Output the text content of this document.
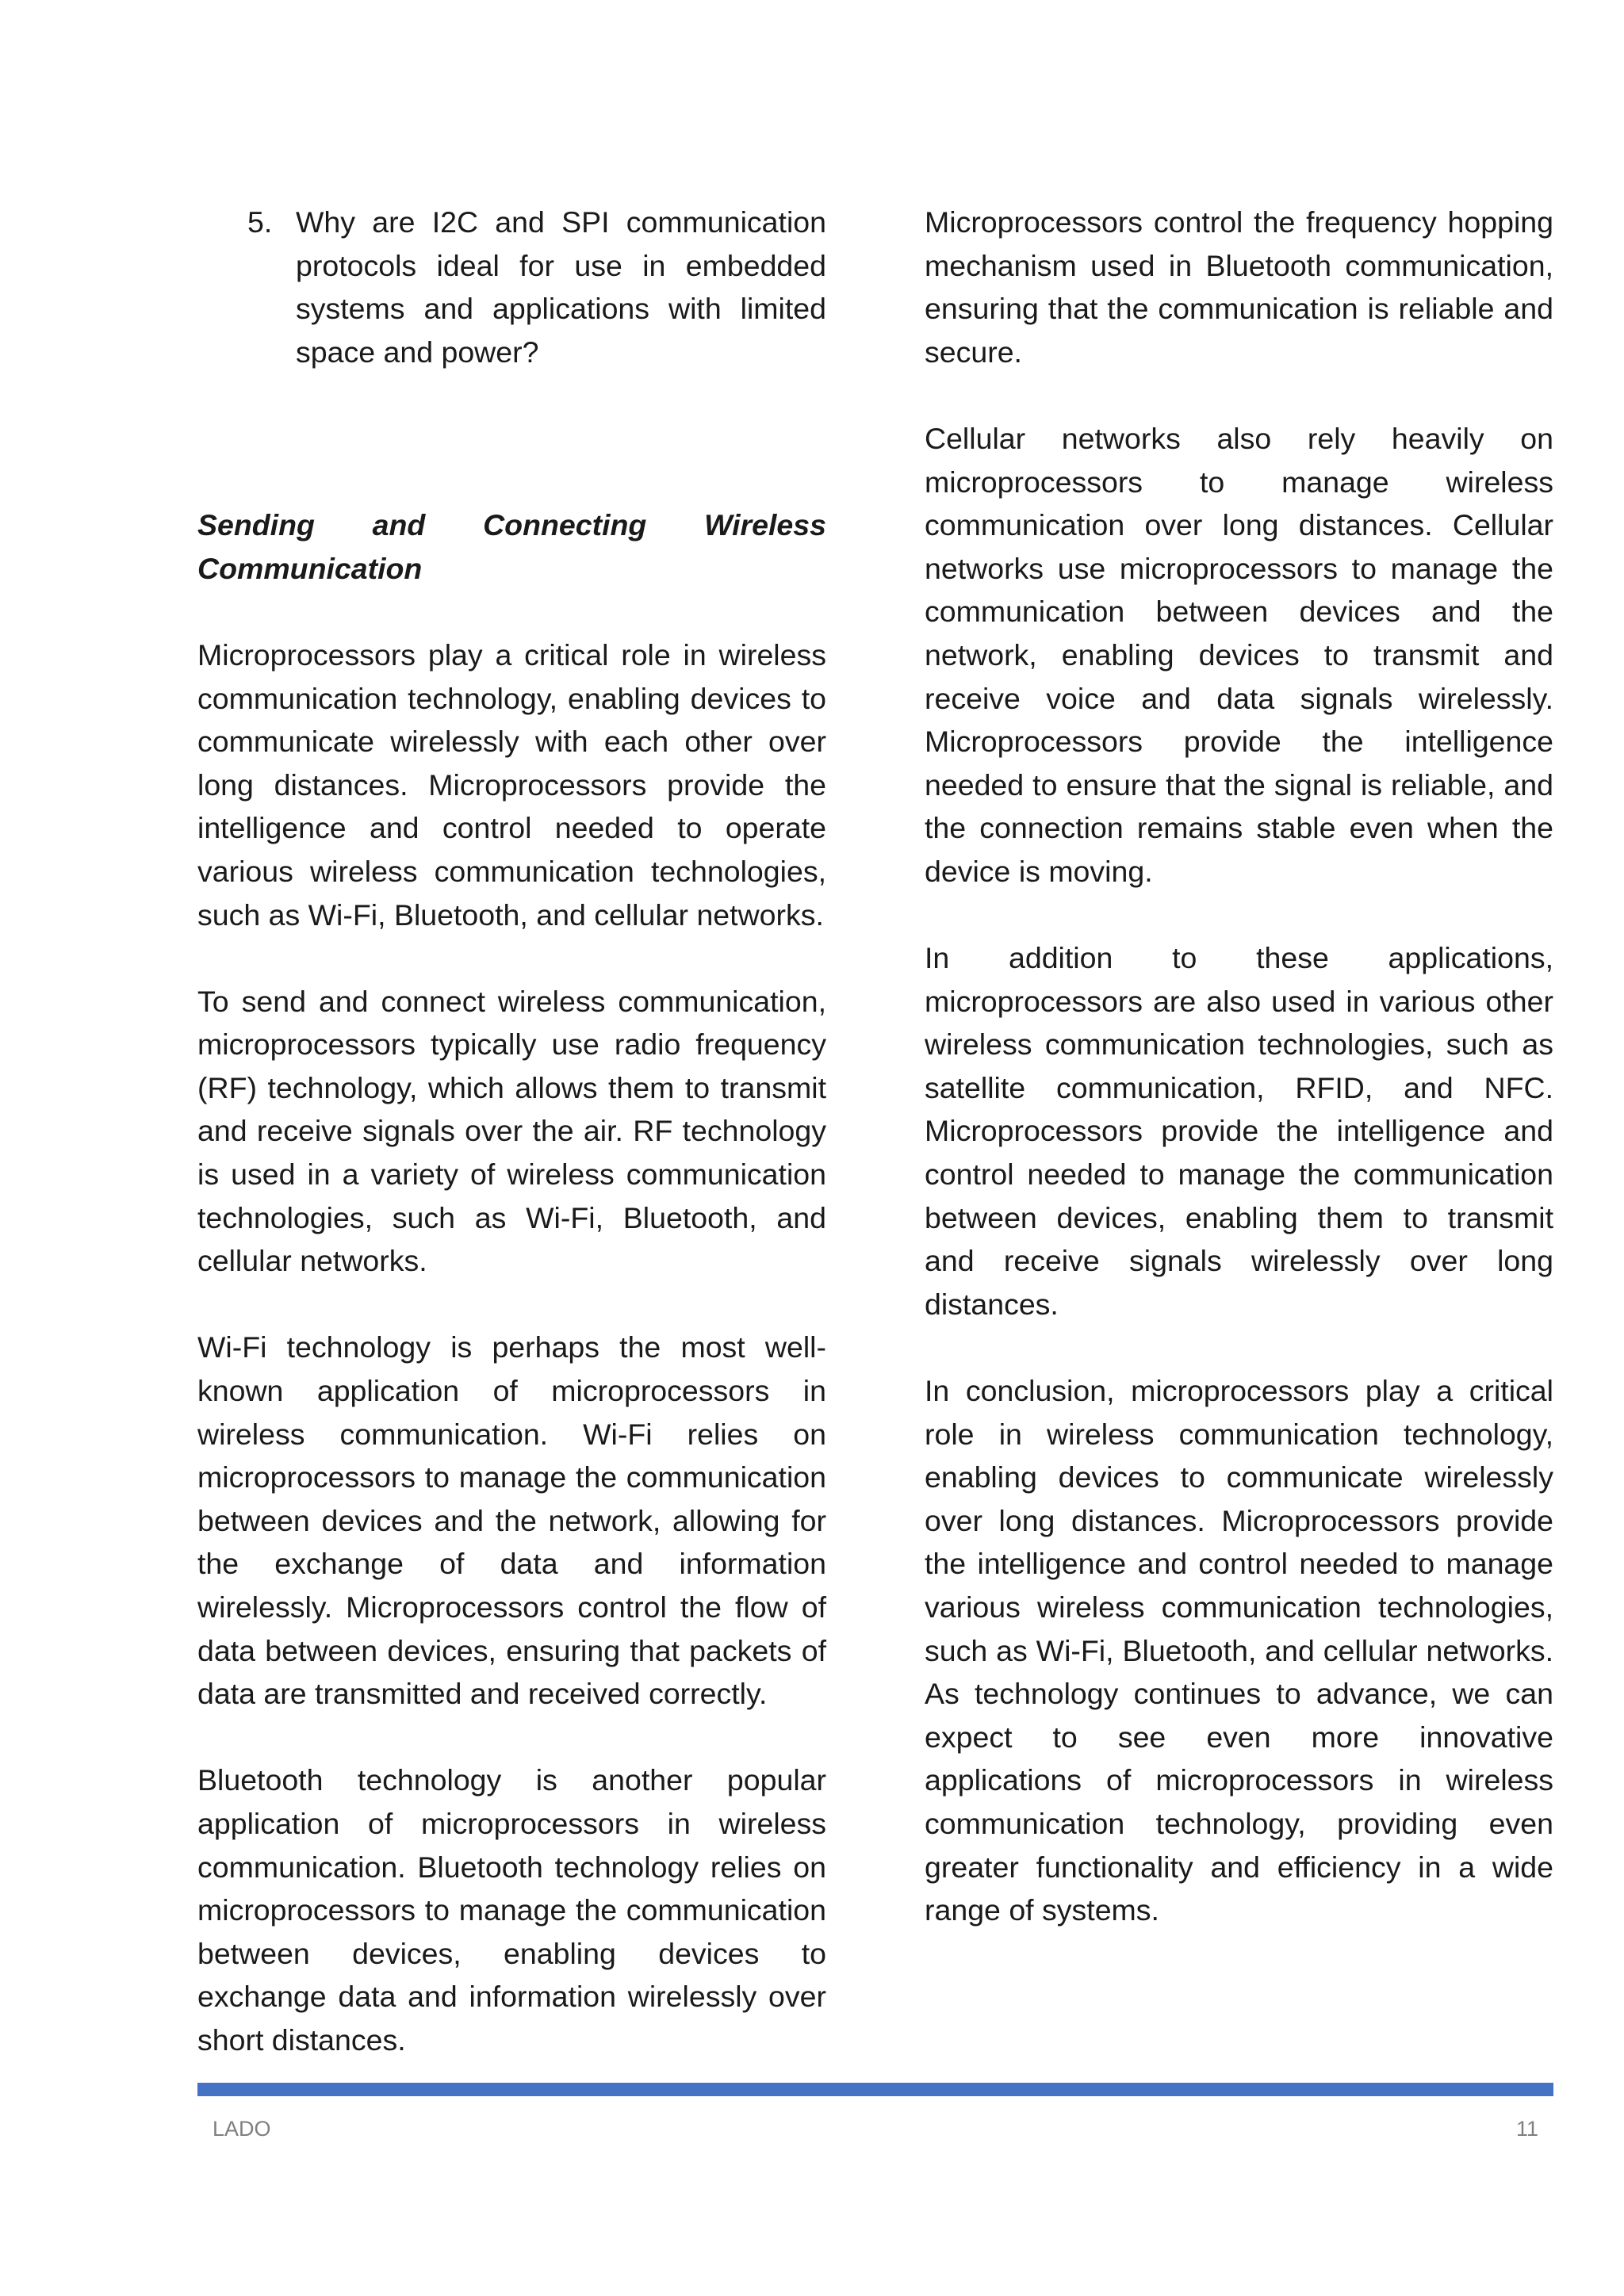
5. Why are I2C and SPI communication protocols ideal for use in embedded systems and applications with limited space and power?

Sending and Connecting Wireless Communication

Microprocessors play a critical role in wireless communication technology, enabling devices to communicate wirelessly with each other over long distances. Microprocessors provide the intelligence and control needed to operate various wireless communication technologies, such as Wi-Fi, Bluetooth, and cellular networks.

To send and connect wireless communication, microprocessors typically use radio frequency (RF) technology, which allows them to transmit and receive signals over the air. RF technology is used in a variety of wireless communication technologies, such as Wi-Fi, Bluetooth, and cellular networks.

Wi-Fi technology is perhaps the most well-known application of microprocessors in wireless communication. Wi-Fi relies on microprocessors to manage the communication between devices and the network, allowing for the exchange of data and information wirelessly. Microprocessors control the flow of data between devices, ensuring that packets of data are transmitted and received correctly.

Bluetooth technology is another popular application of microprocessors in wireless communication. Bluetooth technology relies on microprocessors to manage the communication between devices, enabling devices to exchange data and information wirelessly over short distances.

Microprocessors control the frequency hopping mechanism used in Bluetooth communication, ensuring that the communication is reliable and secure.

Cellular networks also rely heavily on microprocessors to manage wireless communication over long distances. Cellular networks use microprocessors to manage the communication between devices and the network, enabling devices to transmit and receive voice and data signals wirelessly. Microprocessors provide the intelligence needed to ensure that the signal is reliable, and the connection remains stable even when the device is moving.

In addition to these applications, microprocessors are also used in various other wireless communication technologies, such as satellite communication, RFID, and NFC. Microprocessors provide the intelligence and control needed to manage the communication between devices, enabling them to transmit and receive signals wirelessly over long distances.

In conclusion, microprocessors play a critical role in wireless communication technology, enabling devices to communicate wirelessly over long distances. Microprocessors provide the intelligence and control needed to manage various wireless communication technologies, such as Wi-Fi, Bluetooth, and cellular networks. As technology continues to advance, we can expect to see even more innovative applications of microprocessors in wireless communication technology, providing even greater functionality and efficiency in a wide range of systems.

LADO	11
